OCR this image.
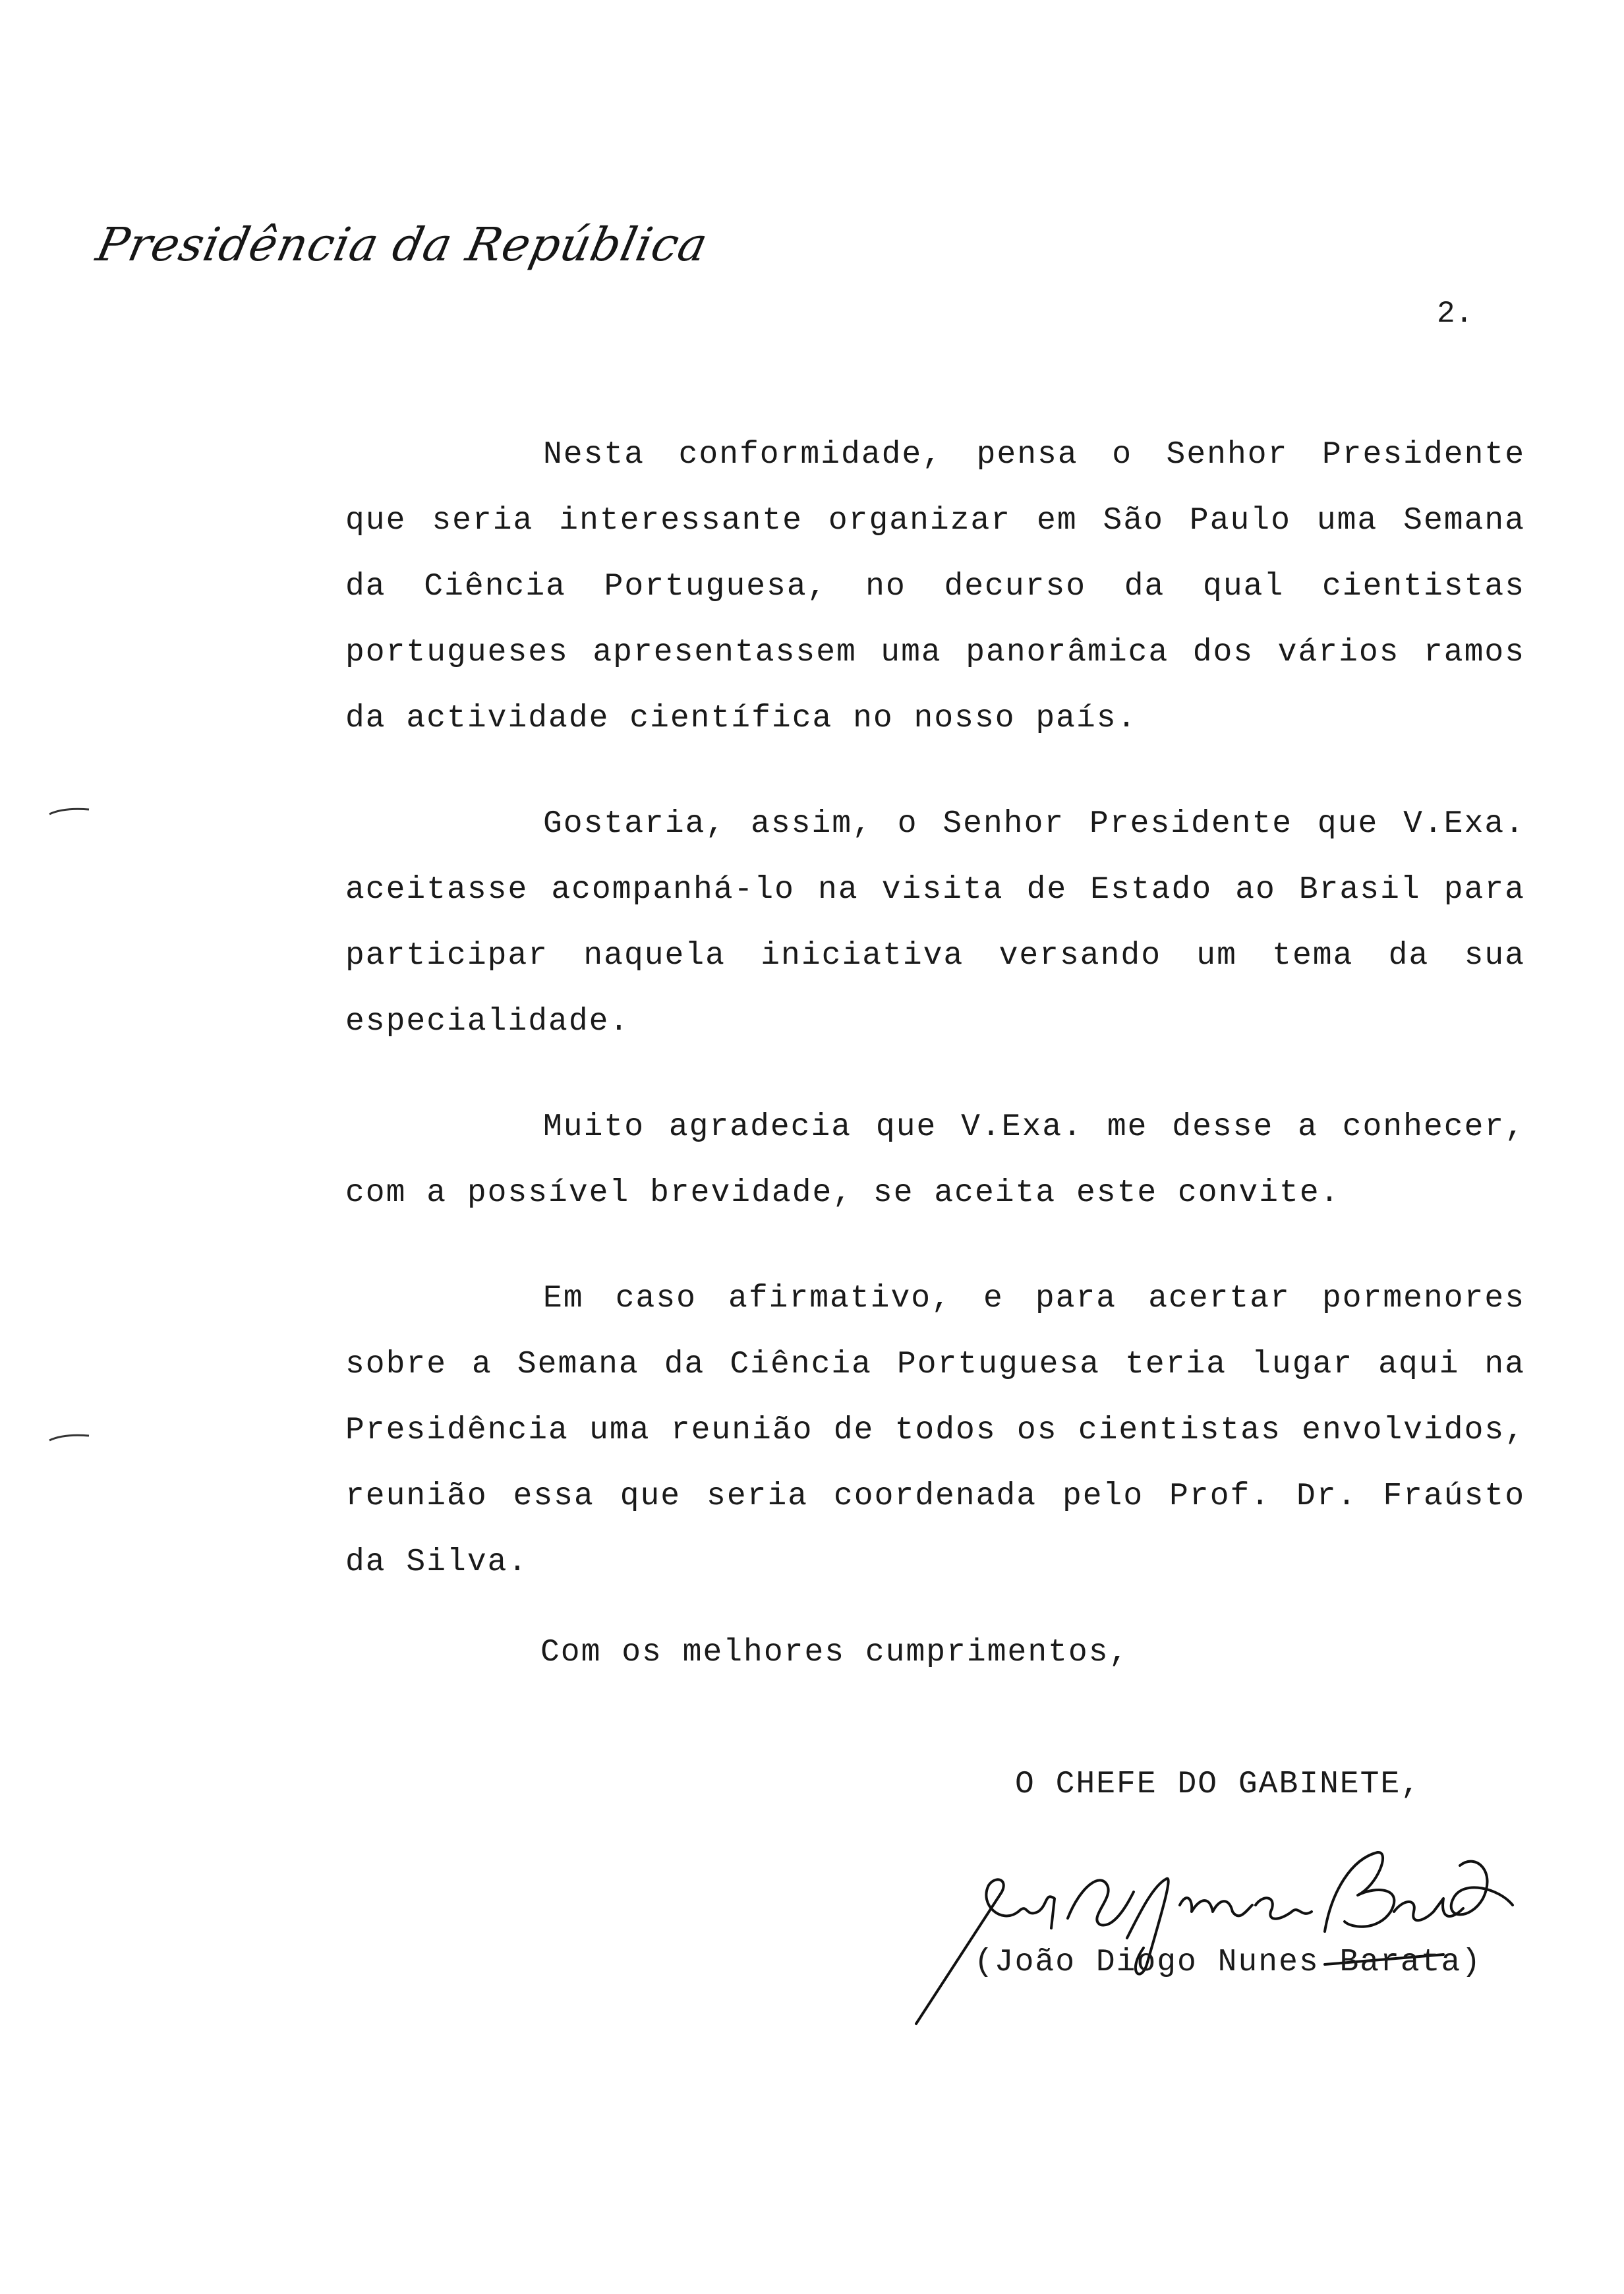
Presidência da República
2.

Nesta conformidade, pensa o Senhor Presidente que seria interessante organizar em São Paulo uma Semana da Ciência Portuguesa, no decurso da qual cientistas portugueses apresentassem uma panorâmica dos vários ramos da actividade científica no nosso país.

Gostaria, assim, o Senhor Presidente que V.Exa. aceitasse acompanhá-lo na visita de Estado ao Brasil para participar naquela iniciativa versando um tema da sua especialidade.

Muito agradecia que V.Exa. me desse a conhecer, com a possível brevidade, se aceita este convite.

Em caso afirmativo, e para acertar pormenores sobre a Semana da Ciência Portuguesa teria lugar aqui na Presidência uma reunião de todos os cientistas envolvidos, reunião essa que seria coordenada pelo Prof. Dr. Fraústo da Silva.

Com os melhores cumprimentos,
O CHEFE DO GABINETE,
(João Diogo Nunes Barata)
